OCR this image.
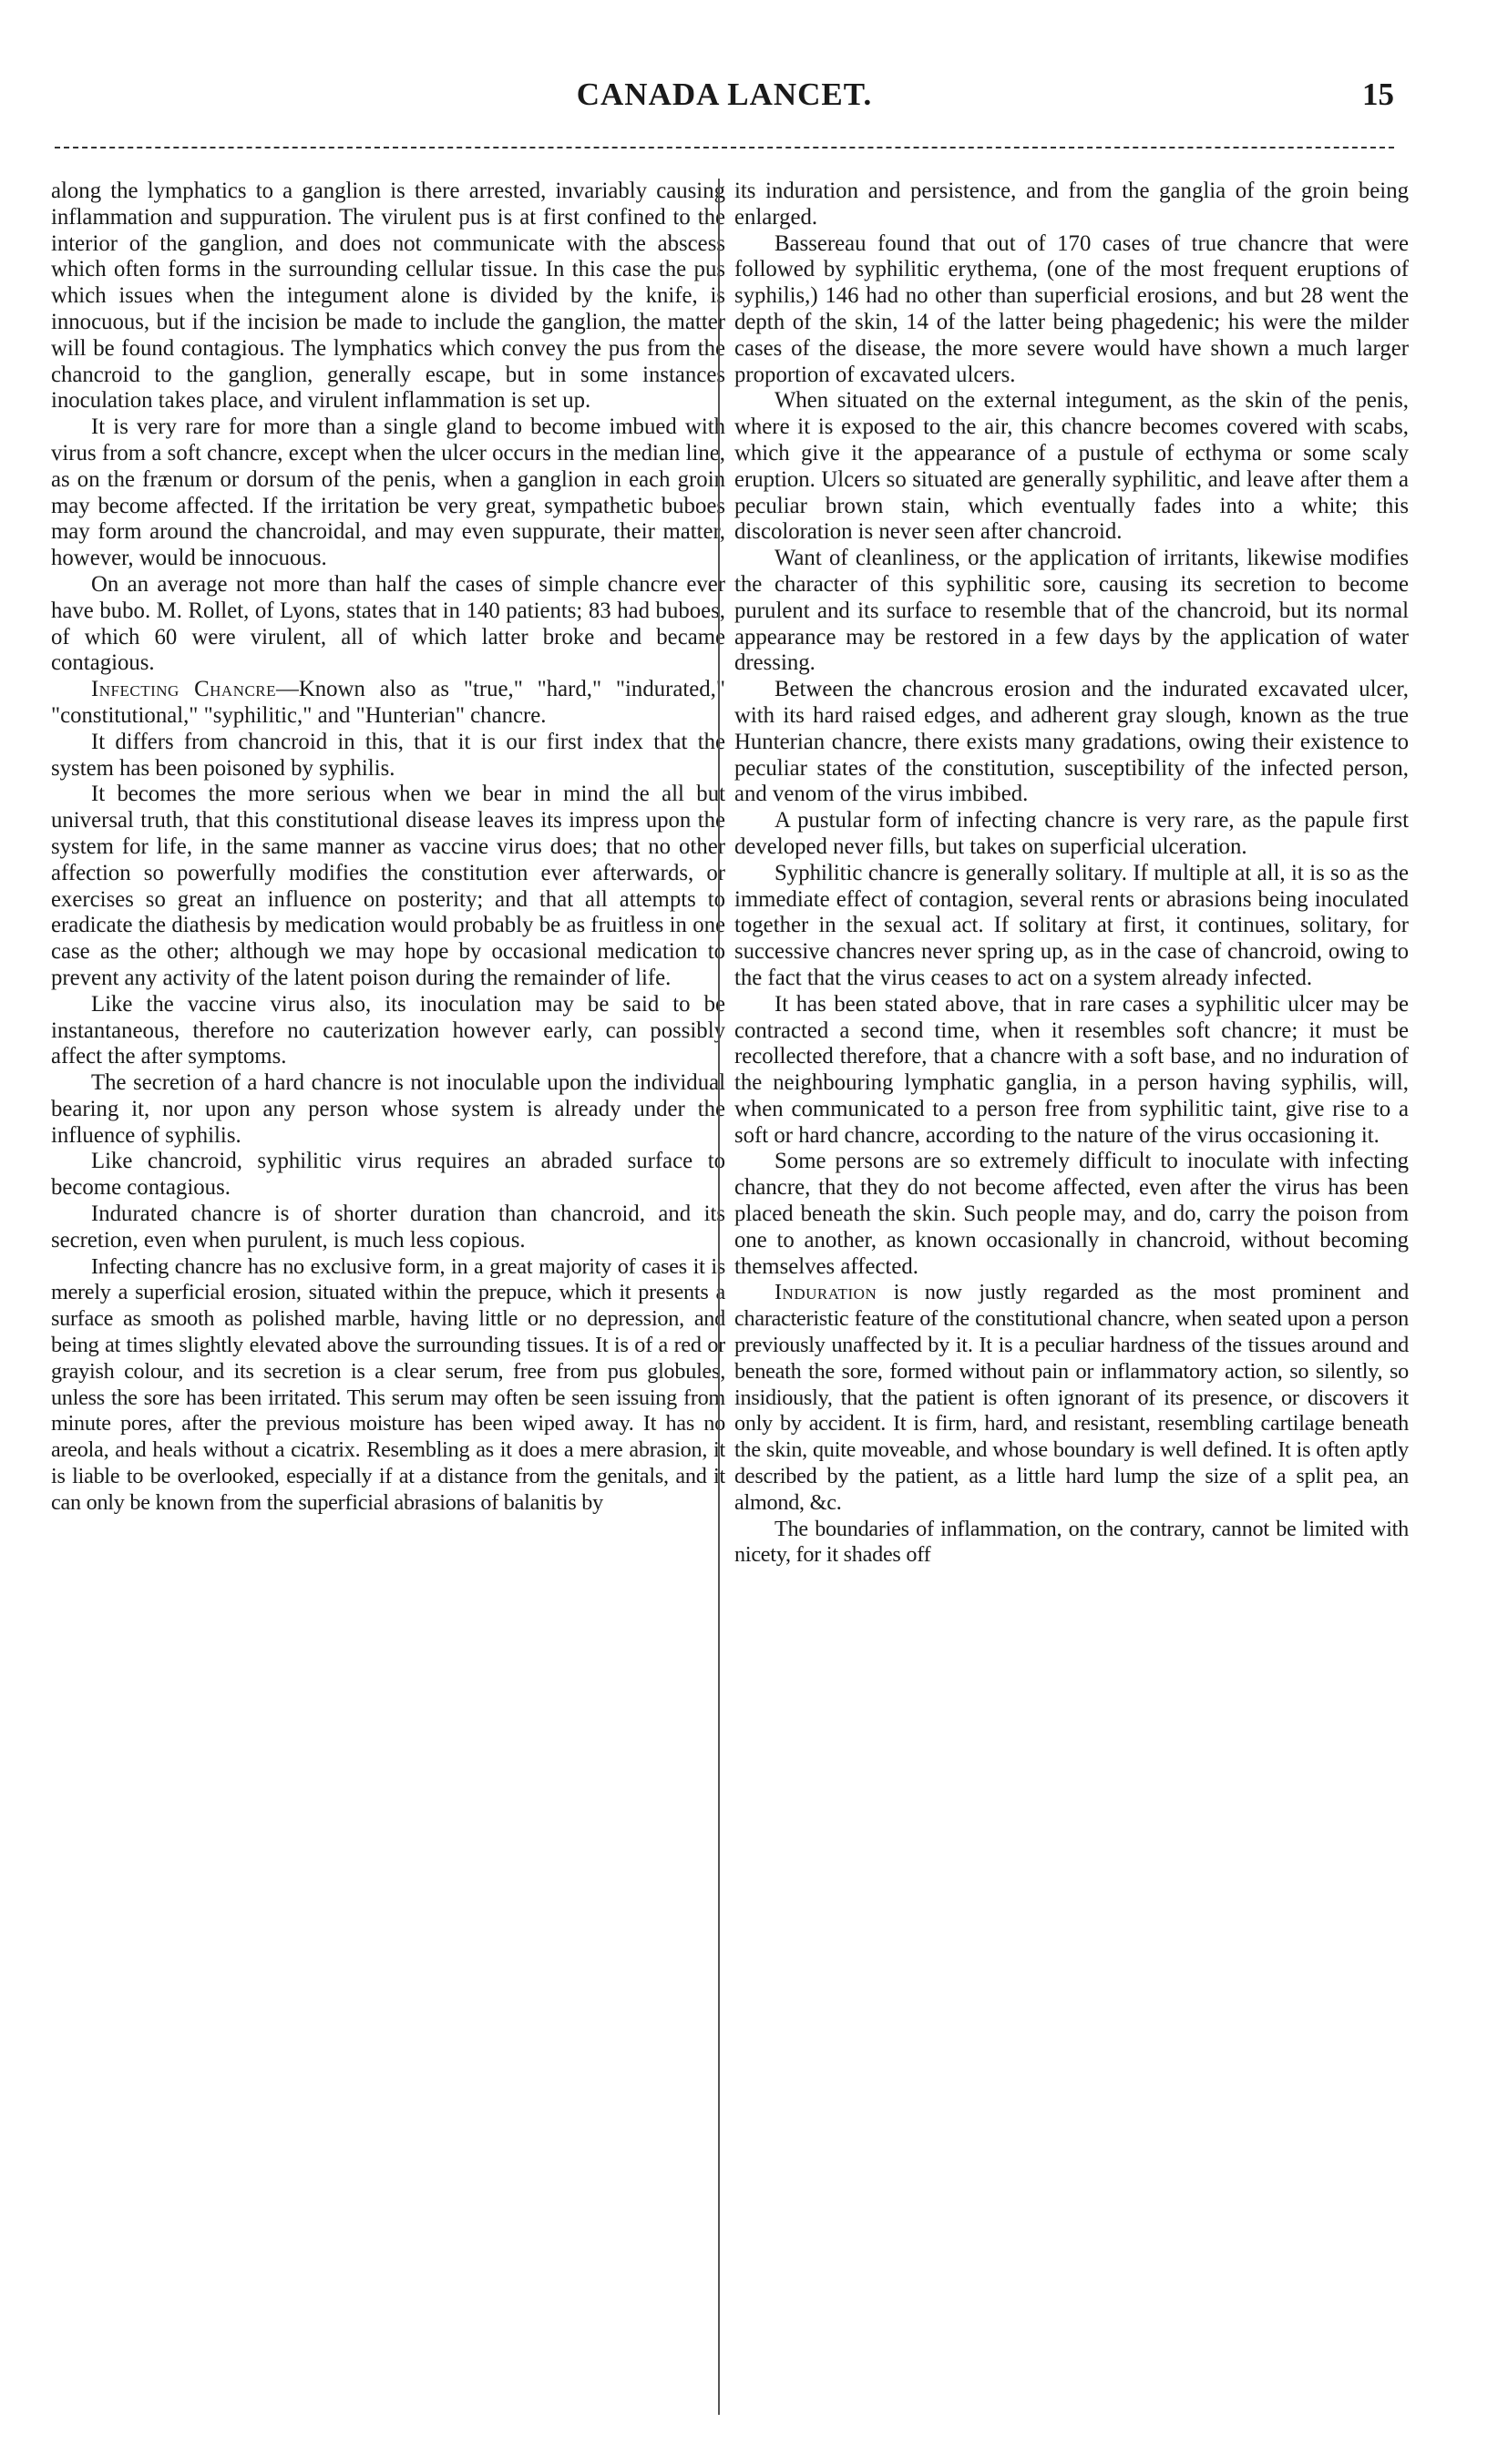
CANADA LANCET.	15

along the lymphatics to a ganglion is there arrested, invariably causing inflammation and suppuration. The virulent pus is at first confined to the interior of the ganglion, and does not communicate with the abscess which often forms in the surrounding cellular tissue. In this case the pus which issues when the integument alone is divided by the knife, is innocuous, but if the incision be made to include the ganglion, the matter will be found contagious. The lymphatics which convey the pus from the chancroid to the ganglion, generally escape, but in some instances inoculation takes place, and virulent inflammation is set up.

It is very rare for more than a single gland to become imbued with virus from a soft chancre, except when the ulcer occurs in the median line, as on the frænum or dorsum of the penis, when a ganglion in each groin may become affected. If the irritation be very great, sympathetic buboes may form around the chancroidal, and may even suppurate, their matter, however, would be innocuous.

On an average not more than half the cases of simple chancre ever have bubo. M. Rollet, of Lyons, states that in 140 patients; 83 had buboes, of which 60 were virulent, all of which latter broke and became contagious.

Infecting Chancre—Known also as "true," "hard," "indurated," "constitutional," "syphilitic," and "Hunterian" chancre.

It differs from chancroid in this, that it is our first index that the system has been poisoned by syphilis.

It becomes the more serious when we bear in mind the all but universal truth, that this constitutional disease leaves its impress upon the system for life, in the same manner as vaccine virus does; that no other affection so powerfully modifies the constitution ever afterwards, or exercises so great an influence on posterity; and that all attempts to eradicate the diathesis by medication would probably be as fruitless in one case as the other; although we may hope by occasional medication to prevent any activity of the latent poison during the remainder of life.

Like the vaccine virus also, its inoculation may be said to be instantaneous, therefore no cauterization however early, can possibly affect the after symptoms.

The secretion of a hard chancre is not inoculable upon the individual bearing it, nor upon any person whose system is already under the influence of syphilis.

Like chancroid, syphilitic virus requires an abraded surface to become contagious.

Indurated chancre is of shorter duration than chancroid, and its secretion, even when purulent, is much less copious.

Infecting chancre has no exclusive form, in a great majority of cases it is merely a superficial erosion, situated within the prepuce, which it presents a surface as smooth as polished marble, having little or no depression, and being at times slightly elevated above the surrounding tissues. It is of a red or grayish colour, and its secretion is a clear serum, free from pus globules, unless the sore has been irritated. This serum may often be seen issuing from minute pores, after the previous moisture has been wiped away. It has no areola, and heals without a cicatrix. Resembling as it does a mere abrasion, it is liable to be overlooked, especially if at a distance from the genitals, and it can only be known from the superficial abrasions of balanitis by

its induration and persistence, and from the ganglia of the groin being enlarged.

Bassereau found that out of 170 cases of true chancre that were followed by syphilitic erythema, (one of the most frequent eruptions of syphilis,) 146 had no other than superficial erosions, and but 28 went the depth of the skin, 14 of the latter being phagedenic; his were the milder cases of the disease, the more severe would have shown a much larger proportion of excavated ulcers.

When situated on the external integument, as the skin of the penis, where it is exposed to the air, this chancre becomes covered with scabs, which give it the appearance of a pustule of ecthyma or some scaly eruption. Ulcers so situated are generally syphilitic, and leave after them a peculiar brown stain, which eventually fades into a white; this discoloration is never seen after chancroid.

Want of cleanliness, or the application of irritants, likewise modifies the character of this syphilitic sore, causing its secretion to become purulent and its surface to resemble that of the chancroid, but its normal appearance may be restored in a few days by the application of water dressing.

Between the chancrous erosion and the indurated excavated ulcer, with its hard raised edges, and adherent gray slough, known as the true Hunterian chancre, there exists many gradations, owing their existence to peculiar states of the constitution, susceptibility of the infected person, and venom of the virus imbibed.

A pustular form of infecting chancre is very rare, as the papule first developed never fills, but takes on superficial ulceration.

Syphilitic chancre is generally solitary. If multiple at all, it is so as the immediate effect of contagion, several rents or abrasions being inoculated together in the sexual act. If solitary at first, it continues, solitary, for successive chancres never spring up, as in the case of chancroid, owing to the fact that the virus ceases to act on a system already infected.

It has been stated above, that in rare cases a syphilitic ulcer may be contracted a second time, when it resembles soft chancre; it must be recollected therefore, that a chancre with a soft base, and no induration of the neighbouring lymphatic ganglia, in a person having syphilis, will, when communicated to a person free from syphilitic taint, give rise to a soft or hard chancre, according to the nature of the virus occasioning it.

Some persons are so extremely difficult to inoculate with infecting chancre, that they do not become affected, even after the virus has been placed beneath the skin. Such people may, and do, carry the poison from one to another, as known occasionally in chancroid, without becoming themselves affected.

Induration is now justly regarded as the most prominent and characteristic feature of the constitutional chancre, when seated upon a person previously unaffected by it. It is a peculiar hardness of the tissues around and beneath the sore, formed without pain or inflammatory action, so silently, so insidiously, that the patient is often ignorant of its presence, or discovers it only by accident. It is firm, hard, and resistant, resembling cartilage beneath the skin, quite moveable, and whose boundary is well defined. It is often aptly described by the patient, as a little hard lump the size of a split pea, an almond, &c.

The boundaries of inflammation, on the contrary, cannot be limited with nicety, for it shades off
